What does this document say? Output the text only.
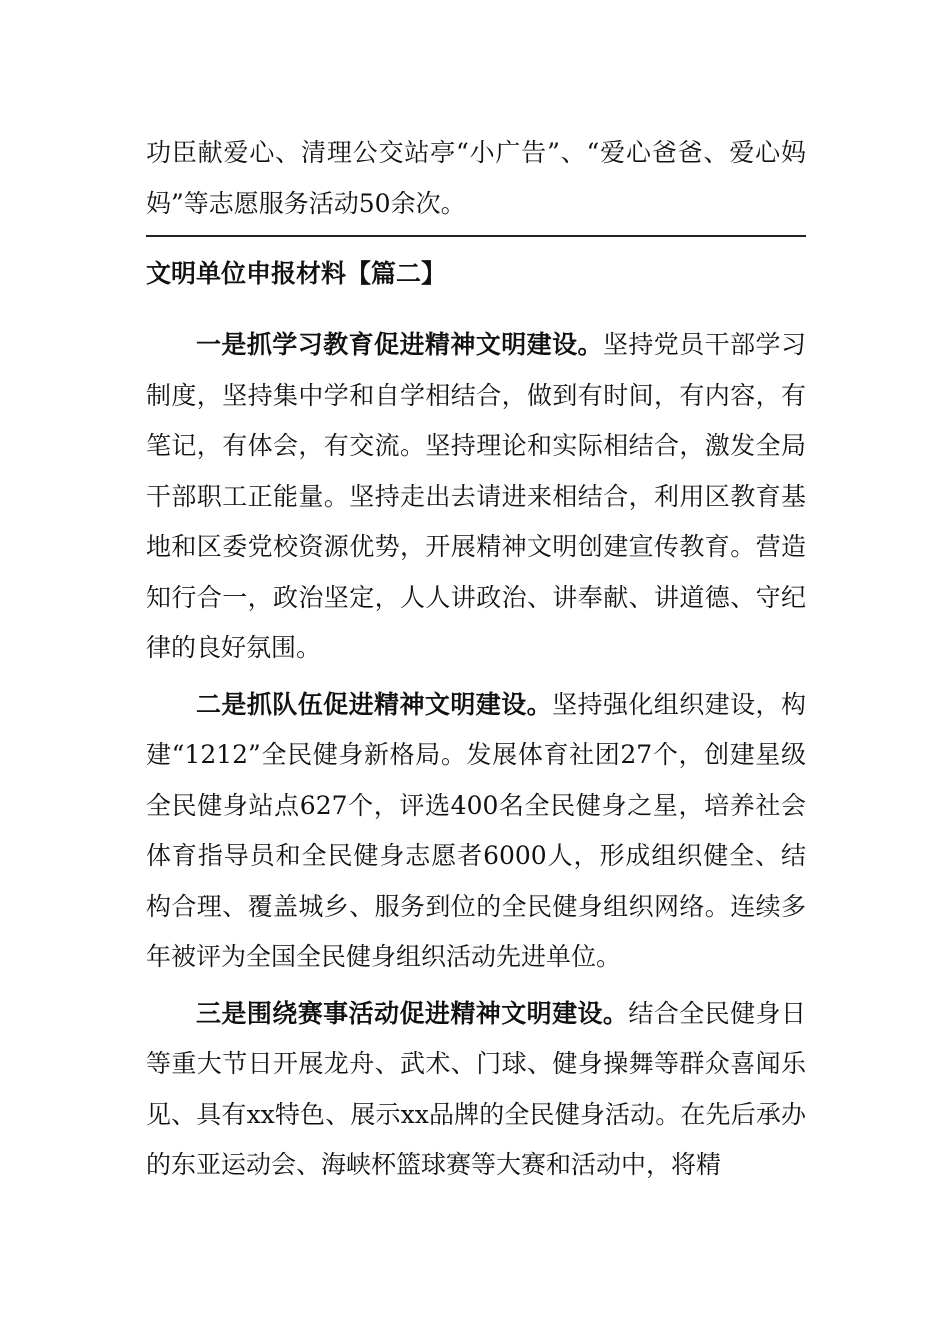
功臣献爱心、清理公交站亭“小广告”、“爱心爸爸、爱心妈妈”等志愿服务活动50余次。

文明单位申报材料【篇二】

一是抓学习教育促进精神文明建设。坚持党员干部学习制度，坚持集中学和自学相结合，做到有时间，有内容，有笔记，有体会，有交流。坚持理论和实际相结合，激发全局干部职工正能量。坚持走出去请进来相结合，利用区教育基地和区委党校资源优势，开展精神文明创建宣传教育。营造知行合一，政治坚定，人人讲政治、讲奉献、讲道德、守纪律的良好氛围。

二是抓队伍促进精神文明建设。坚持强化组织建设，构建“1212”全民健身新格局。发展体育社团27个，创建星级全民健身站点627个，评选400名全民健身之星，培养社会体育指导员和全民健身志愿者6000人，形成组织健全、结构合理、覆盖城乡、服务到位的全民健身组织网络。连续多年被评为全国全民健身组织活动先进单位。

三是围绕赛事活动促进精神文明建设。结合全民健身日等重大节日开展龙舟、武术、门球、健身操舞等群众喜闻乐见、具有xx特色、展示xx品牌的全民健身活动。在先后承办的东亚运动会、海峡杯篮球赛等大赛和活动中，将精
